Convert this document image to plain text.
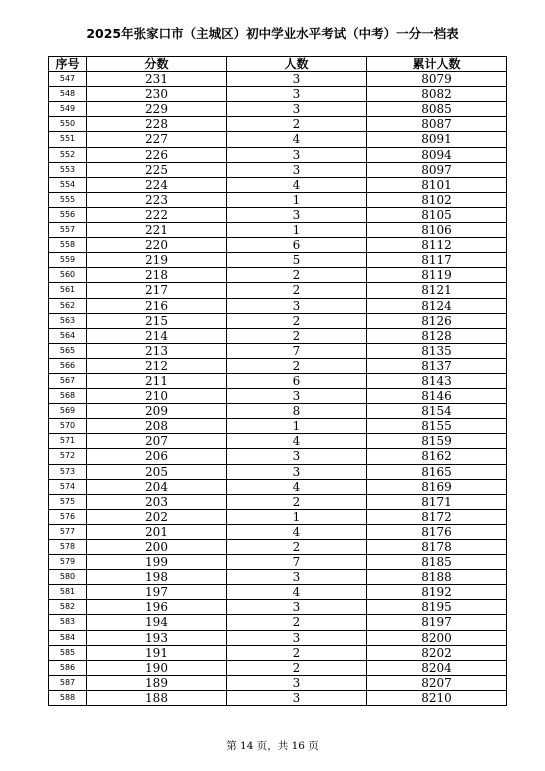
2025年张家口市（主城区）初中学业水平考试（中考）一分一档表
序号	分数	人数	累计人数
547	231	3	8079
548	230	3	8082
549	229	3	8085
550	228	2	8087
551	227	4	8091
552	226	3	8094
553	225	3	8097
554	224	4	8101
555	223	1	8102
556	222	3	8105
557	221	1	8106
558	220	6	8112
559	219	5	8117
560	218	2	8119
561	217	2	8121
562	216	3	8124
563	215	2	8126
564	214	2	8128
565	213	7	8135
566	212	2	8137
567	211	6	8143
568	210	3	8146
569	209	8	8154
570	208	1	8155
571	207	4	8159
572	206	3	8162
573	205	3	8165
574	204	4	8169
575	203	2	8171
576	202	1	8172
577	201	4	8176
578	200	2	8178
579	199	7	8185
580	198	3	8188
581	197	4	8192
582	196	3	8195
583	194	2	8197
584	193	3	8200
585	191	2	8202
586	190	2	8204
587	189	3	8207
588	188	3	8210
第 14 页，共 16 页
